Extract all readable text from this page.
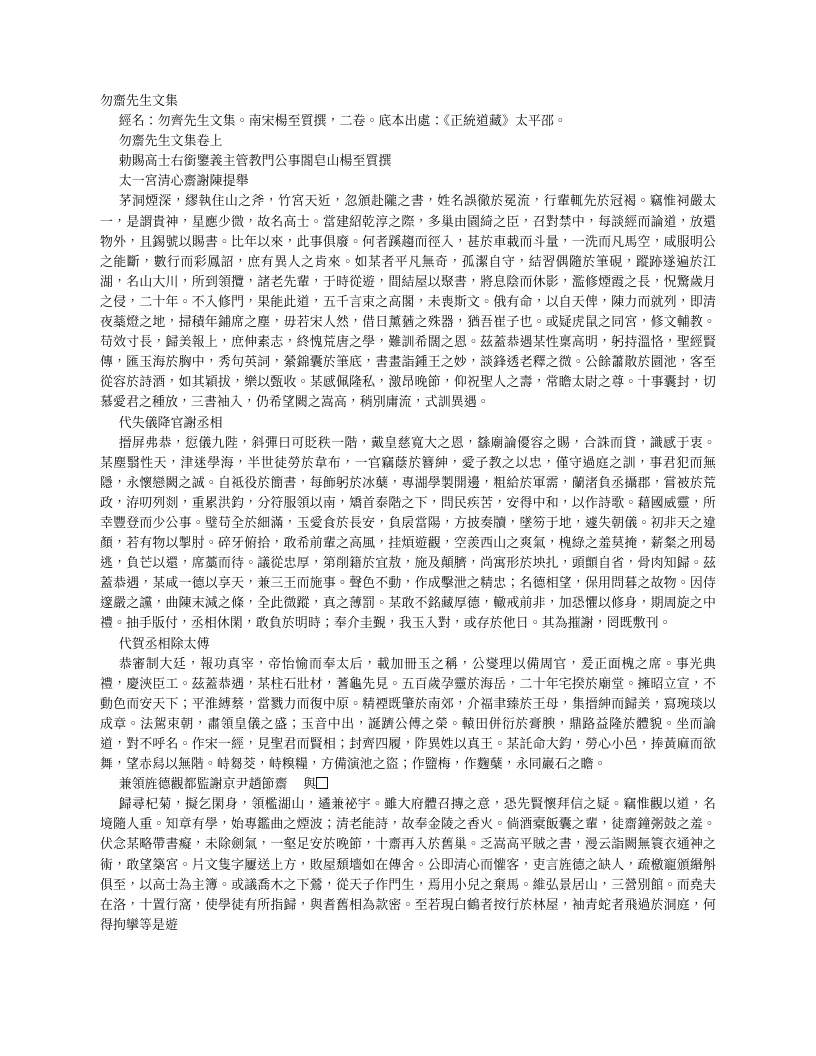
勿齋先生文集

經名：勿齊先生文集。南宋楊至質撰，二卷。底本出處：《正統道藏》太平邵。

勿齋先生文集卷上

勅賜高士右銜鑒義主管教門公事閤皂山楊至質撰

太一宮清心齋謝陳提舉

茅洞煙深，繆執住山之斧，竹宮天近，忽頒赴隴之書，姓名誤徹於冕流，行輩輒先於冠褐。竊惟祠嚴太一，是謂貴神，星應少微，故名高士。當建紹乾淳之際，多巢由園綺之臣，召對禁中，每談經而論道，放還物外，且錫號以賜書。比年以來，此事俱廢。何者蹊趨而徑入，甚於車載而斗量，一洗而凡馬空，咸服明公之能斷，數行而彩鳳詔，庶有異人之肯來。如某者平凡無奇，孤潔自守，結習偶隨於筆硯，蹤跡遂遍於江湖，名山大川，所到領攬，諸老先輩，于時從遊，間結屋以聚書，將息陰而休影，濫修煙霞之長，怳驚歲月之侵，二十年。不入修門，果能此道，五千言束之高閣，未喪斯文。俄有命，以自天俾，陳力而就列，即清夜蘂燈之地，掃積年鋪席之塵，毋若宋人然，借日薰蕕之殊器，猶吾崔子也。或疑虎鼠之同宮，修文輔教。苟效寸長，歸美報上，庶伸素志，終愧荒唐之學，難訓希闊之恩。茲蓋恭遇某性稟高明，躬持溫恪，聖經賢傳，匯玉海於胸中，秀句英詞，縈錦囊於筆底，書畫詣鍾王之妙，談鋒透老釋之微。公餘蕭散於園池，客至從容於詩酒，如其穎拔，樂以甄收。某感佩隆私，激昂晚節，仰祝聖人之壽，常瞻太尉之尊。十事囊封，切慕愛君之種放，三書袖入，仍希望闕之嵩高，稍別庸流，式訓異遇。

代失儀降官謝丞相

搢屏弗恭，愆儀九陛，斜彈曰可貶秩一階，戴皇慈寬大之恩，繇廟論優容之賜，合誅而貸，識感于衷。某塵翳性天，津迷學海，半世徒勞於韋布，一官竊蔭於簪紳，愛子教之以忠，僅守過庭之訓，事君犯而無隱，永懷戀闕之誠。自祗役於簡書，每飾躬於冰蘖，專湖學製開邊，粗給於軍需，蘭渚負丞攝郡，嘗被於荒政，洊叨列剡，重累洪鈞，分符服領以南，矯首泰階之下，問民疾苦，安得中和，以作詩歌。藉國威靈，所幸豐登而少公事。璧苟全於細滿，玉愛食於長安，負扆當陽，方披奏牘，墜笏于地，遽失朝儀。初非天之違顏，若有物以掣肘。碎牙俯拾，敢希前輩之高風，挂煩遊觀，空羨西山之爽氣，槐綠之羞莫掩，薪粲之刑曷逃，負芒以還，席藁而待。議從忠厚，第削籍於宜敖，施及顛臍，尚寓形於坱扎，頭顫自省，骨肉知歸。茲蓋恭遇，某咸一德以享天，兼三王而施事。聲色不動，作成擊泄之精忠；名德相望，保用問暮之故物。因侍邃嚴之讜，曲陳末減之條，全此微蹤，真之薄罰。某敢不銘藏厚德，轍戒前非，加恐懼以修身，期周旋之中禮。抽手版付，丞相休閑，敢負於明時；奉介圭覲，我玉入對，或存於他日。其為摧謝，罔既敷刊。

代賀丞相除太傅

恭審制大廷，報功真宰，帝怡愉而奉太后，載加冊玉之稱，公燮理以備周官，爰正面槐之席。事光典禮，慶浹臣工。茲蓋恭遇，某柱石壯材，蓍龜先見。五百歲孕靈於海岳，二十年宅揆於廟堂。擁昭立宣，不動色而安天下；平淮縛蔡，當戮力而復中原。精禋既肇於南郊，介福聿臻於王母，集搢紳而歸美，寫琬琰以成章。法駕束朝，肅領皇儀之盛；玉音中出，誕躋公傅之榮。轅田併衍於膏腴，鼎路益隆於體貌。坐而論道，對不呼名。作宋一經，見聖君而賢相；封齊四履，阼異姓以真王。某託命大鈞，勞心小邑，捧黃麻而欲舞，望赤舄以無階。峙芻茭，峙糗糧，方備演池之盜；作盬梅，作麴蘖，永同巖石之瞻。

兼領旌德觀都監謝京尹趙節齋 與

歸尋杞菊，擬乞閑身，領檻湖山，遹兼祕宇。雖大府體召摶之意，恐先賢懷拜信之疑。竊惟觀以道，名境隨人重。知章有學，始專鑑曲之煙波；清老能詩，故奉金陵之香火。倘酒槖飯囊之輩，徒齋鐘粥鼓之羞。伏念某略帶書癡，未除劍氣，一壑足安於晚節，十齋再入於舊巢。乏嵩高平賊之書，漫云詣闕無簑衣通神之術，敢望築宮。片文隻字屢送上方，敗屋頹墻如在傳舍。公即清心而懽客，吏言旌德之缺人，疏檄寵頒緡斛俱至，以高士為主簿。或議喬木之下鶯，從天子作門生，焉用小兒之棄馬。維弘景居山，三營別館。而堯夫在洛，十置行窩，使學徒有所指歸，與耆舊相為款密。至若現白鶴者按行於林屋，袖青蛇者飛過於洞庭，何得拘攣等是遊
